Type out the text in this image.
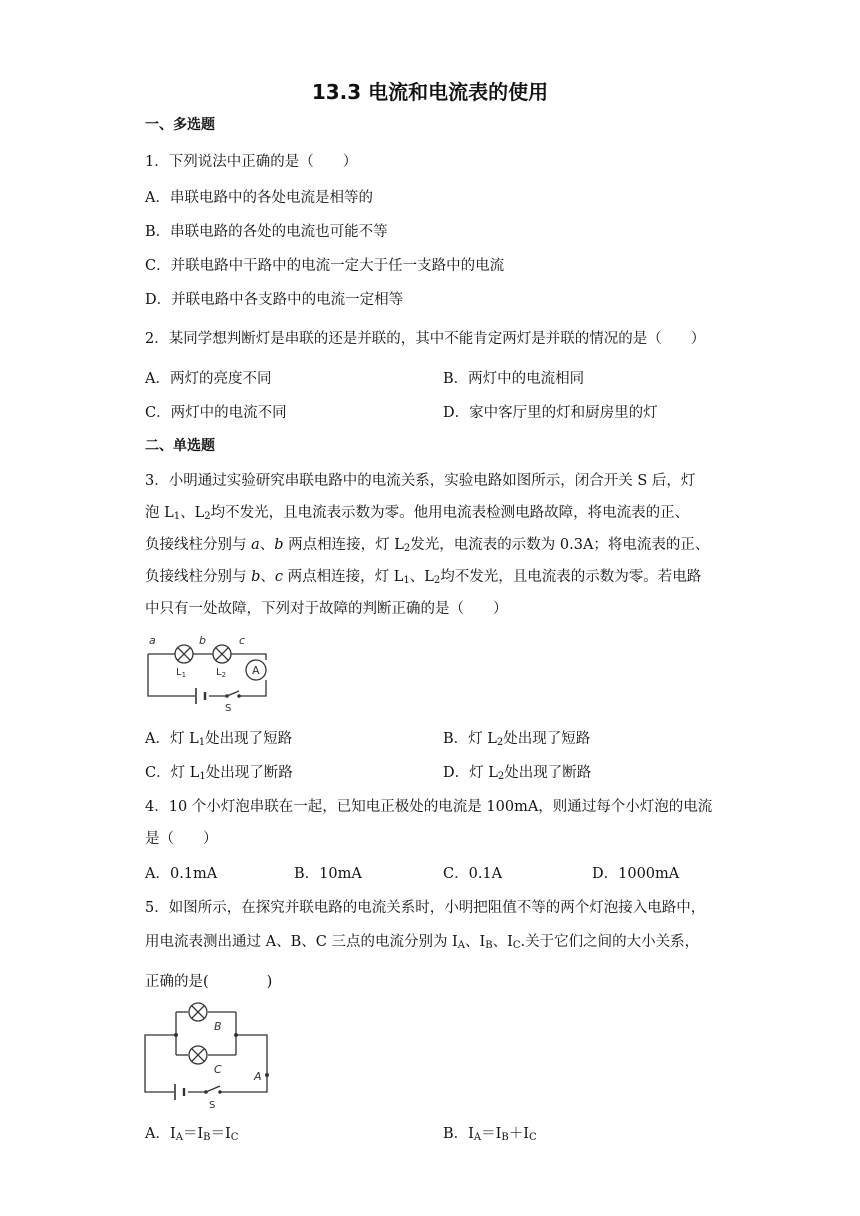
13.3 电流和电流表的使用
一、多选题
1．下列说法中正确的是（　　）
A．串联电路中的各处电流是相等的
B．串联电路的各处的电流也可能不等
C．并联电路中干路中的电流一定大于任一支路中的电流
D．并联电路中各支路中的电流一定相等
2．某同学想判断灯是串联的还是并联的，其中不能肯定两灯是并联的情况的是（　　）
A．两灯的亮度不同	B．两灯中的电流相同
C．两灯中的电流不同	D．家中客厅里的灯和厨房里的灯
二、单选题
3．小明通过实验研究串联电路中的电流关系，实验电路如图所示，闭合开关 S 后，灯
泡 $L_1$、$L_2$均不发光，且电流表示数为零。他用电流表检测电路故障，将电流表的正、
负接线柱分别与 a、b 两点相连接，灯 $L_2$发光，电流表的示数为 0.3A；将电流表的正、
负接线柱分别与 b、c 两点相连接，灯 $L_1$、$L_2$均不发光，且电流表的示数为零。若电路
中只有一处故障，下列对于故障的判断正确的是（　　）
a	b	c
$L_1$	$L_2$ A
S
A．灯 $L_1$处出现了短路	B．灯 $L_2$处出现了短路
C．灯 $L_1$处出现了断路	D．灯 $L_2$处出现了断路
4．10 个小灯泡串联在一起，已知电正极处的电流是 100mA，则通过每个小灯泡的电流
是（　　）
A．0.1mA	B．10mA	C．0.1A	D．1000mA
5．如图所示，在探究并联电路的电流关系时，小明把阻值不等的两个灯泡接入电路中，
用电流表测出通过 A、B、C 三点的电流分别为 $I_A$、$I_B$、$I_C$.关于它们之间的大小关系，
正确的是(　　　　)
B
C
A
S
A．$I_A=I_B=I_C$	B．$I_A=I_B+I_C$
